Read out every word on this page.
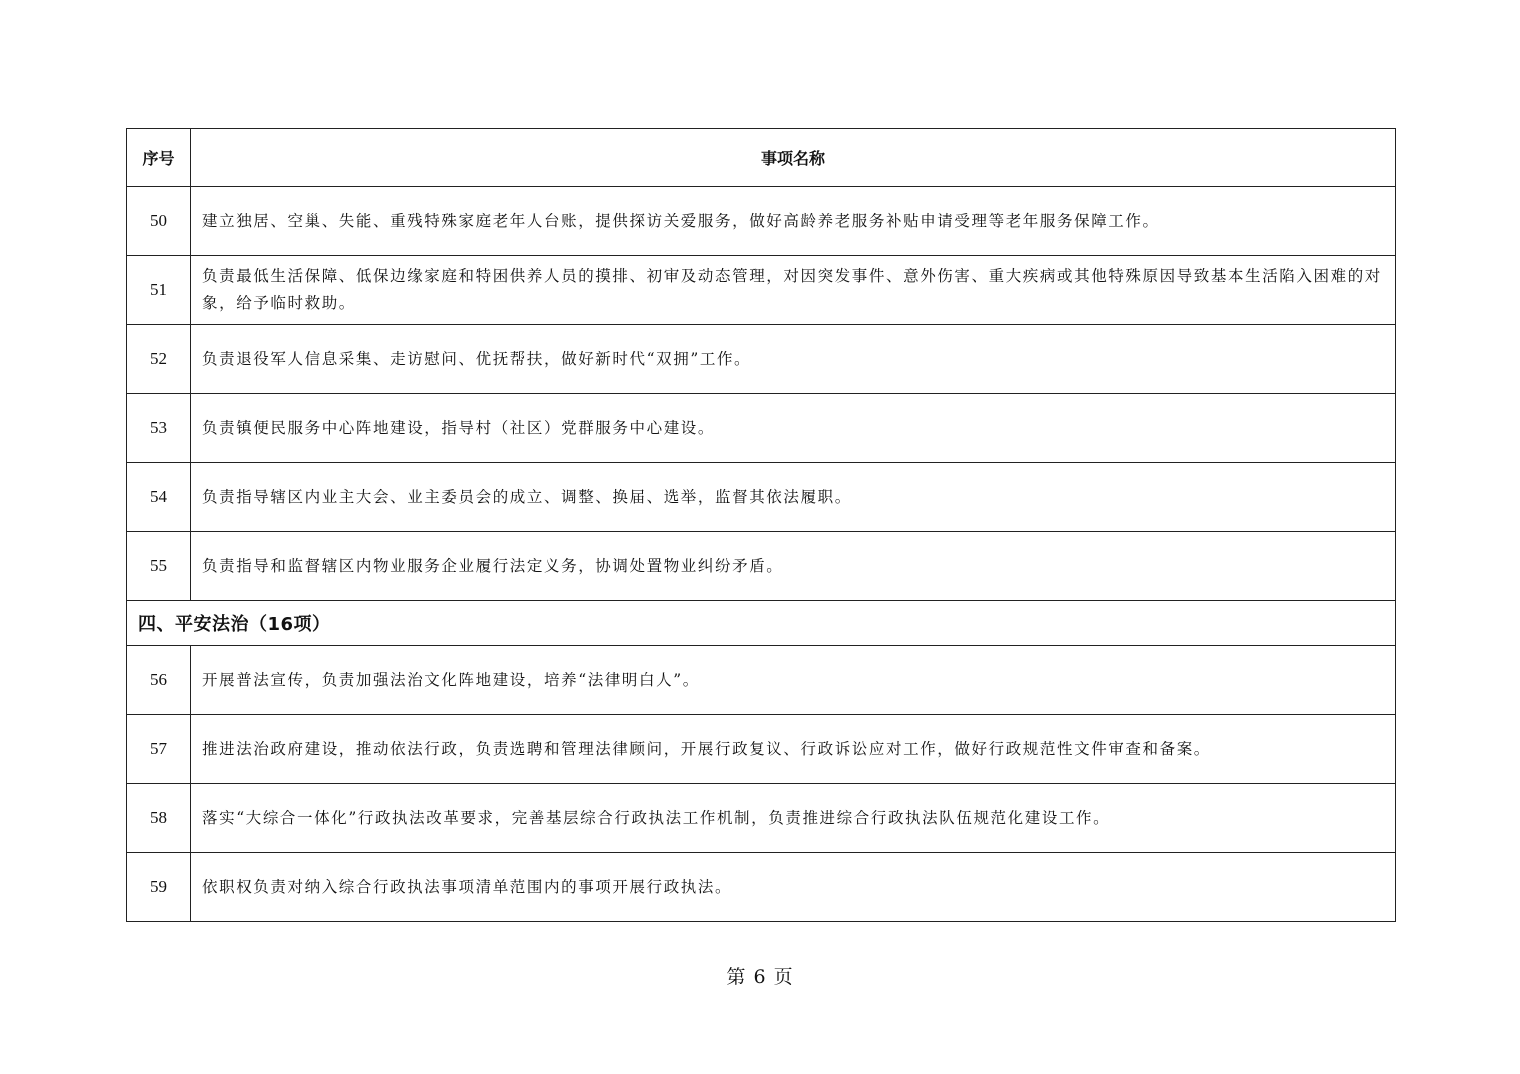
序号	事项名称
50	建立独居、空巢、失能、重残特殊家庭老年人台账，提供探访关爱服务，做好高龄养老服务补贴申请受理等老年服务保障工作。
51	负责最低生活保障、低保边缘家庭和特困供养人员的摸排、初审及动态管理，对因突发事件、意外伤害、重大疾病或其他特殊原因导致基本生活陷入困难的对象，给予临时救助。
52	负责退役军人信息采集、走访慰问、优抚帮扶，做好新时代“双拥”工作。
53	负责镇便民服务中心阵地建设，指导村（社区）党群服务中心建设。
54	负责指导辖区内业主大会、业主委员会的成立、调整、换届、选举，监督其依法履职。
55	负责指导和监督辖区内物业服务企业履行法定义务，协调处置物业纠纷矛盾。
四、平安法治（16项）	
56	开展普法宣传，负责加强法治文化阵地建设，培养“法律明白人”。
57	推进法治政府建设，推动依法行政，负责选聘和管理法律顾问，开展行政复议、行政诉讼应对工作，做好行政规范性文件审查和备案。
58	落实“大综合一体化”行政执法改革要求，完善基层综合行政执法工作机制，负责推进综合行政执法队伍规范化建设工作。
59	依职权负责对纳入综合行政执法事项清单范围内的事项开展行政执法。
第 6 页
